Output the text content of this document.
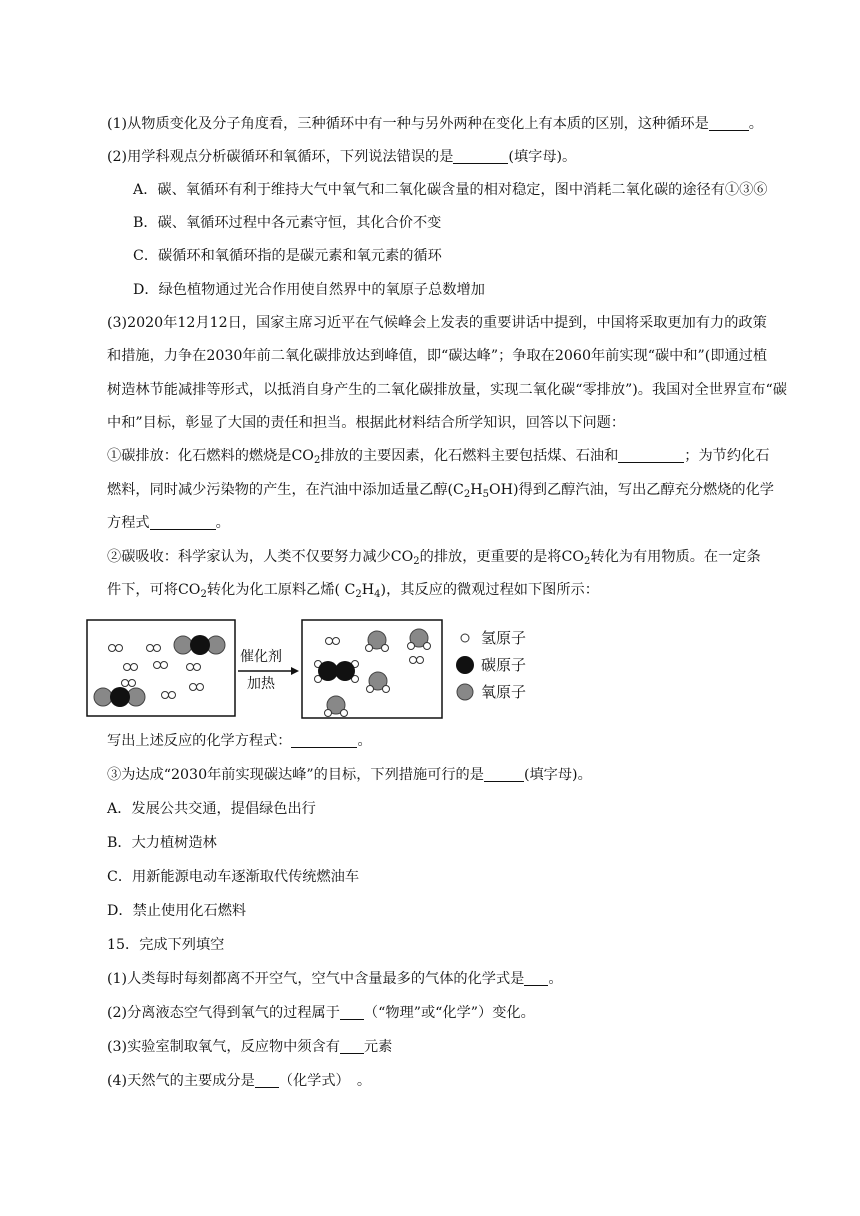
(1)从物质变化及分子角度看，三种循环中有一种与另外两种在变化上有本质的区别，这种循环是	。
(2)用学科观点分析碳循环和氧循环，下列说法错误的是	(填字母)。
A．碳、氧循环有利于维持大气中氧气和二氧化碳含量的相对稳定，图中消耗二氧化碳的途径有①③⑥
B．碳、氧循环过程中各元素守恒，其化合价不变
C．碳循环和氧循环指的是碳元素和氧元素的循环
D．绿色植物通过光合作用使自然界中的氧原子总数增加
(3)2020年12月12日，国家主席习近平在气候峰会上发表的重要讲话中提到，中国将采取更加有力的政策
和措施，力争在2030年前二氧化碳排放达到峰值，即“碳达峰”；争取在2060年前实现“碳中和”(即通过植
树造林节能减排等形式，以抵消自身产生的二氧化碳排放量，实现二氧化碳“零排放”)。我国对全世界宣布“碳
中和”目标，彰显了大国的责任和担当。根据此材料结合所学知识，回答以下问题：
①碳排放：化石燃料的燃烧是$CO_2$排放的主要因素，化石燃料主要包括煤、石油和	；为节约化石
燃料，同时减少污染物的产生，在汽油中添加适量乙醇$(C_2H_5OH)$得到乙醇汽油，写出乙醇充分燃烧的化学
方程式	。
②碳吸收：科学家认为，人类不仅要努力减少$CO_2$的排放，更重要的是将$CO_2$转化为有用物质。在一定条
件下，可将$CO_2$转化为化工原料乙烯( $C_2H_4$)，其反应的微观过程如下图所示：
催化剂
加热
氢原子
碳原子
氧原子
写出上述反应的化学方程式：	。
③为达成“2030年前实现碳达峰”的目标，下列措施可行的是	(填字母)。
A．发展公共交通，提倡绿色出行
B．大力植树造林
C．用新能源电动车逐渐取代传统燃油车
D．禁止使用化石燃料
15．完成下列填空
(1)人类每时每刻都离不开空气，空气中含量最多的气体的化学式是 。
(2)分离液态空气得到氧气的过程属于 （“物理”或“化学”）变化。
(3)实验室制取氧气，反应物中须含有 元素
(4)天然气的主要成分是 （化学式）　。
